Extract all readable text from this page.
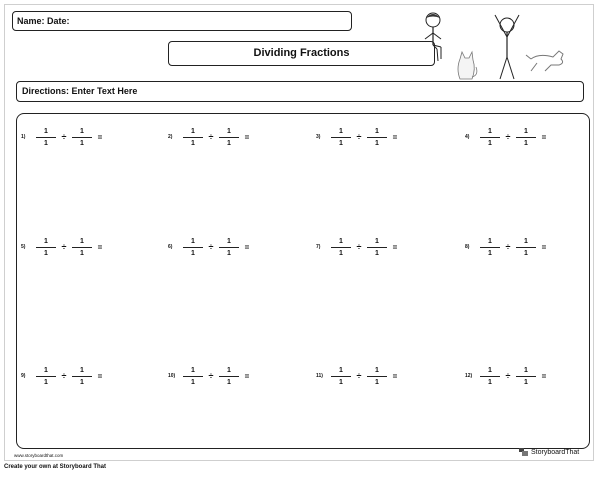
Name: Date:
Dividing Fractions
Directions: Enter Text Here
1)	$\frac{1}{1} \div \frac{1}{1}$ =	2)	$\frac{1}{1} \div \frac{1}{1}$ =	3)	$\frac{1}{1} \div \frac{1}{1}$ =	4)	$\frac{1}{1} \div \frac{1}{1}$ =
5)	$\frac{1}{1} \div \frac{1}{1}$ =	6)	$\frac{1}{1} \div \frac{1}{1}$ =	7)	$\frac{1}{1} \div \frac{1}{1}$ =	8)	$\frac{1}{1} \div \frac{1}{1}$ =
9)	$\frac{1}{1} \div \frac{1}{1}$ =	$10) \frac{1}{1} \div \frac{1}{1}$ =	11)	$\frac{1}{1} \div \frac{1}{1}$ =	$12) \frac{1}{1} \div \frac{1}{1}$ =
www.storyboardthat.com	StoryboardThat
Create your own at Storyboard That
